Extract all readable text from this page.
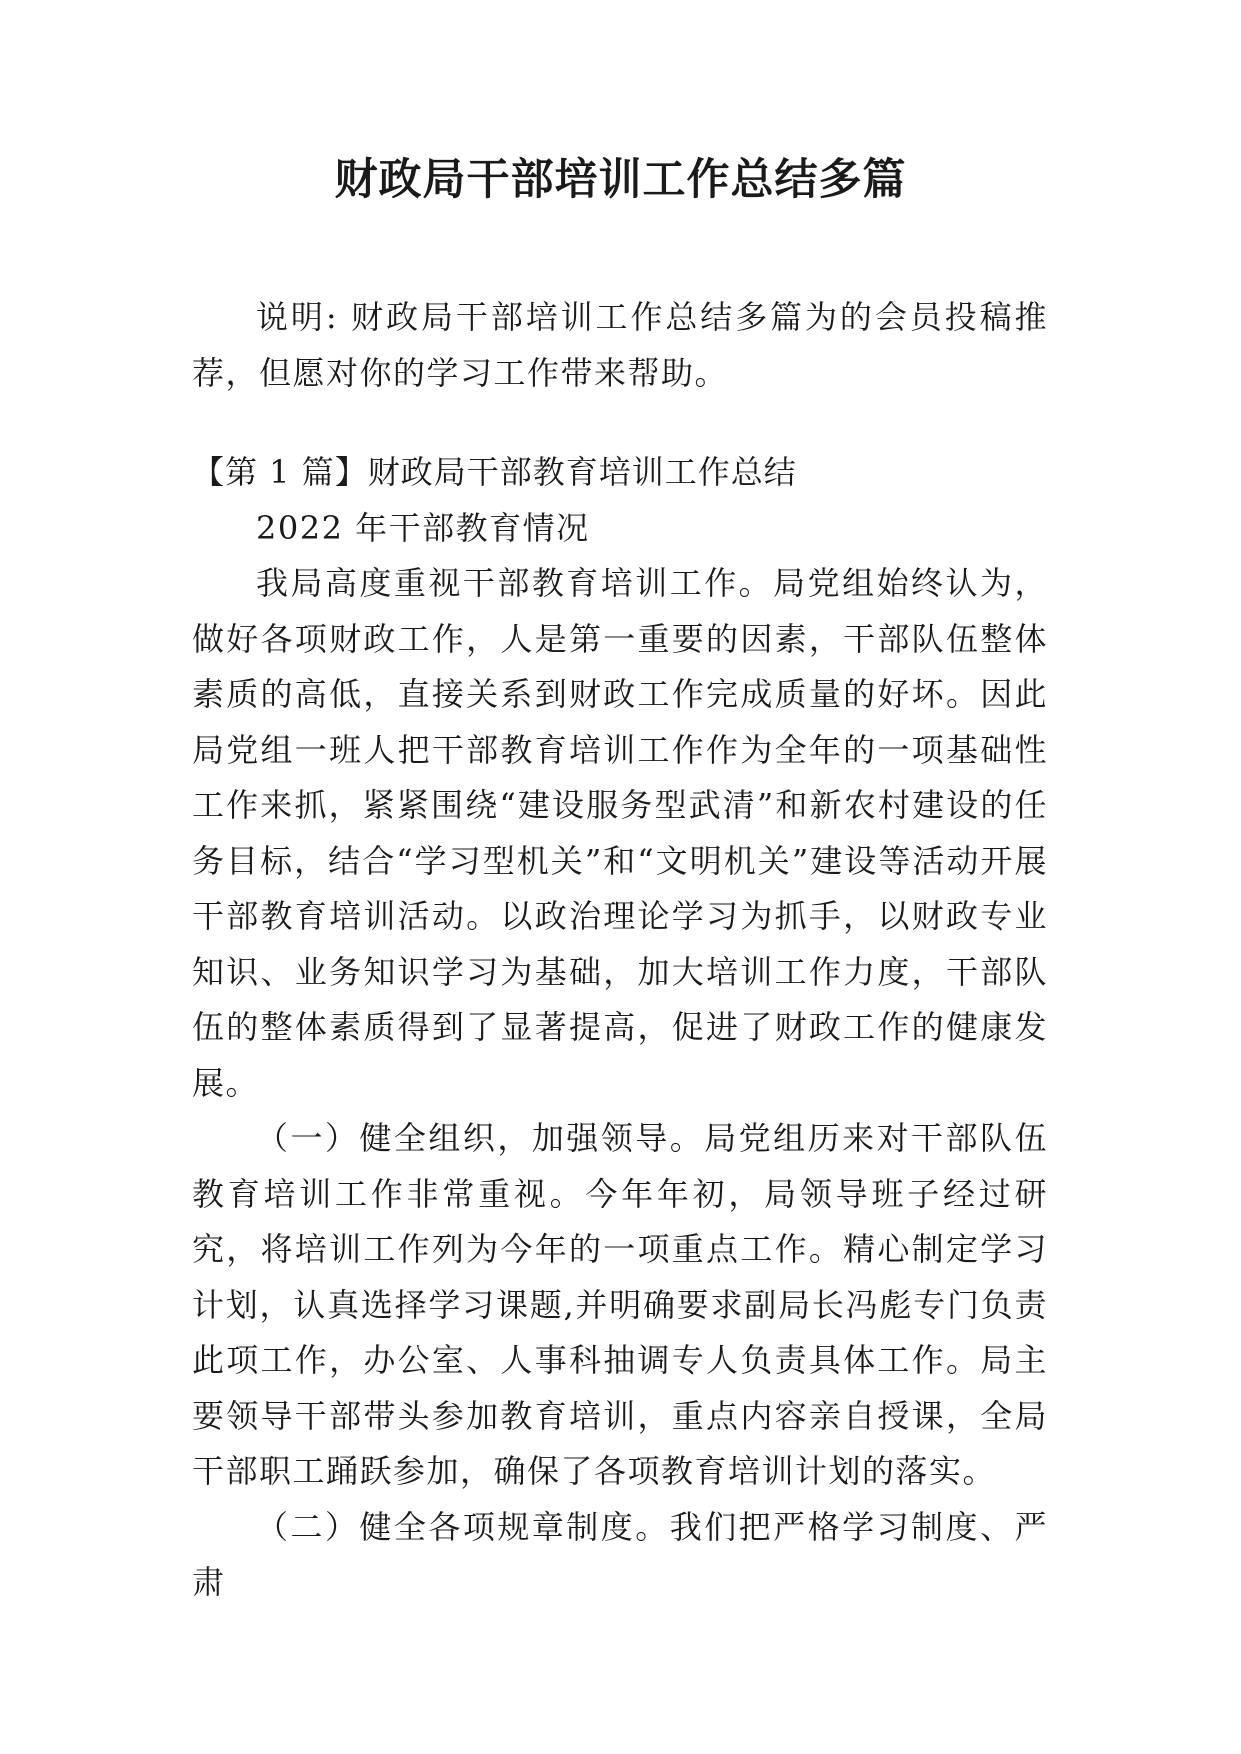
财政局干部培训工作总结多篇

说明: 财政局干部培训工作总结多篇为的会员投稿推荐，但愿对你的学习工作带来帮助。

【第 1 篇】财政局干部教育培训工作总结

2022 年干部教育情况

我局高度重视干部教育培训工作。局党组始终认为，做好各项财政工作，人是第一重要的因素，干部队伍整体素质的高低，直接关系到财政工作完成质量的好坏。因此局党组一班人把干部教育培训工作作为全年的一项基础性工作来抓，紧紧围绕“建设服务型武清”和新农村建设的任务目标，结合“学习型机关”和“文明机关”建设等活动开展干部教育培训活动。以政治理论学习为抓手，以财政专业知识、业务知识学习为基础，加大培训工作力度，干部队伍的整体素质得到了显著提高，促进了财政工作的健康发展。

（一）健全组织，加强领导。局党组历来对干部队伍教育培训工作非常重视。今年年初，局领导班子经过研究，将培训工作列为今年的一项重点工作。精心制定学习计划，认真选择学习课题,并明确要求副局长冯彪专门负责此项工作，办公室、人事科抽调专人负责具体工作。局主要领导干部带头参加教育培训，重点内容亲自授课，全局干部职工踊跃参加，确保了各项教育培训计划的落实。

（二）健全各项规章制度。我们把严格学习制度、严肃
